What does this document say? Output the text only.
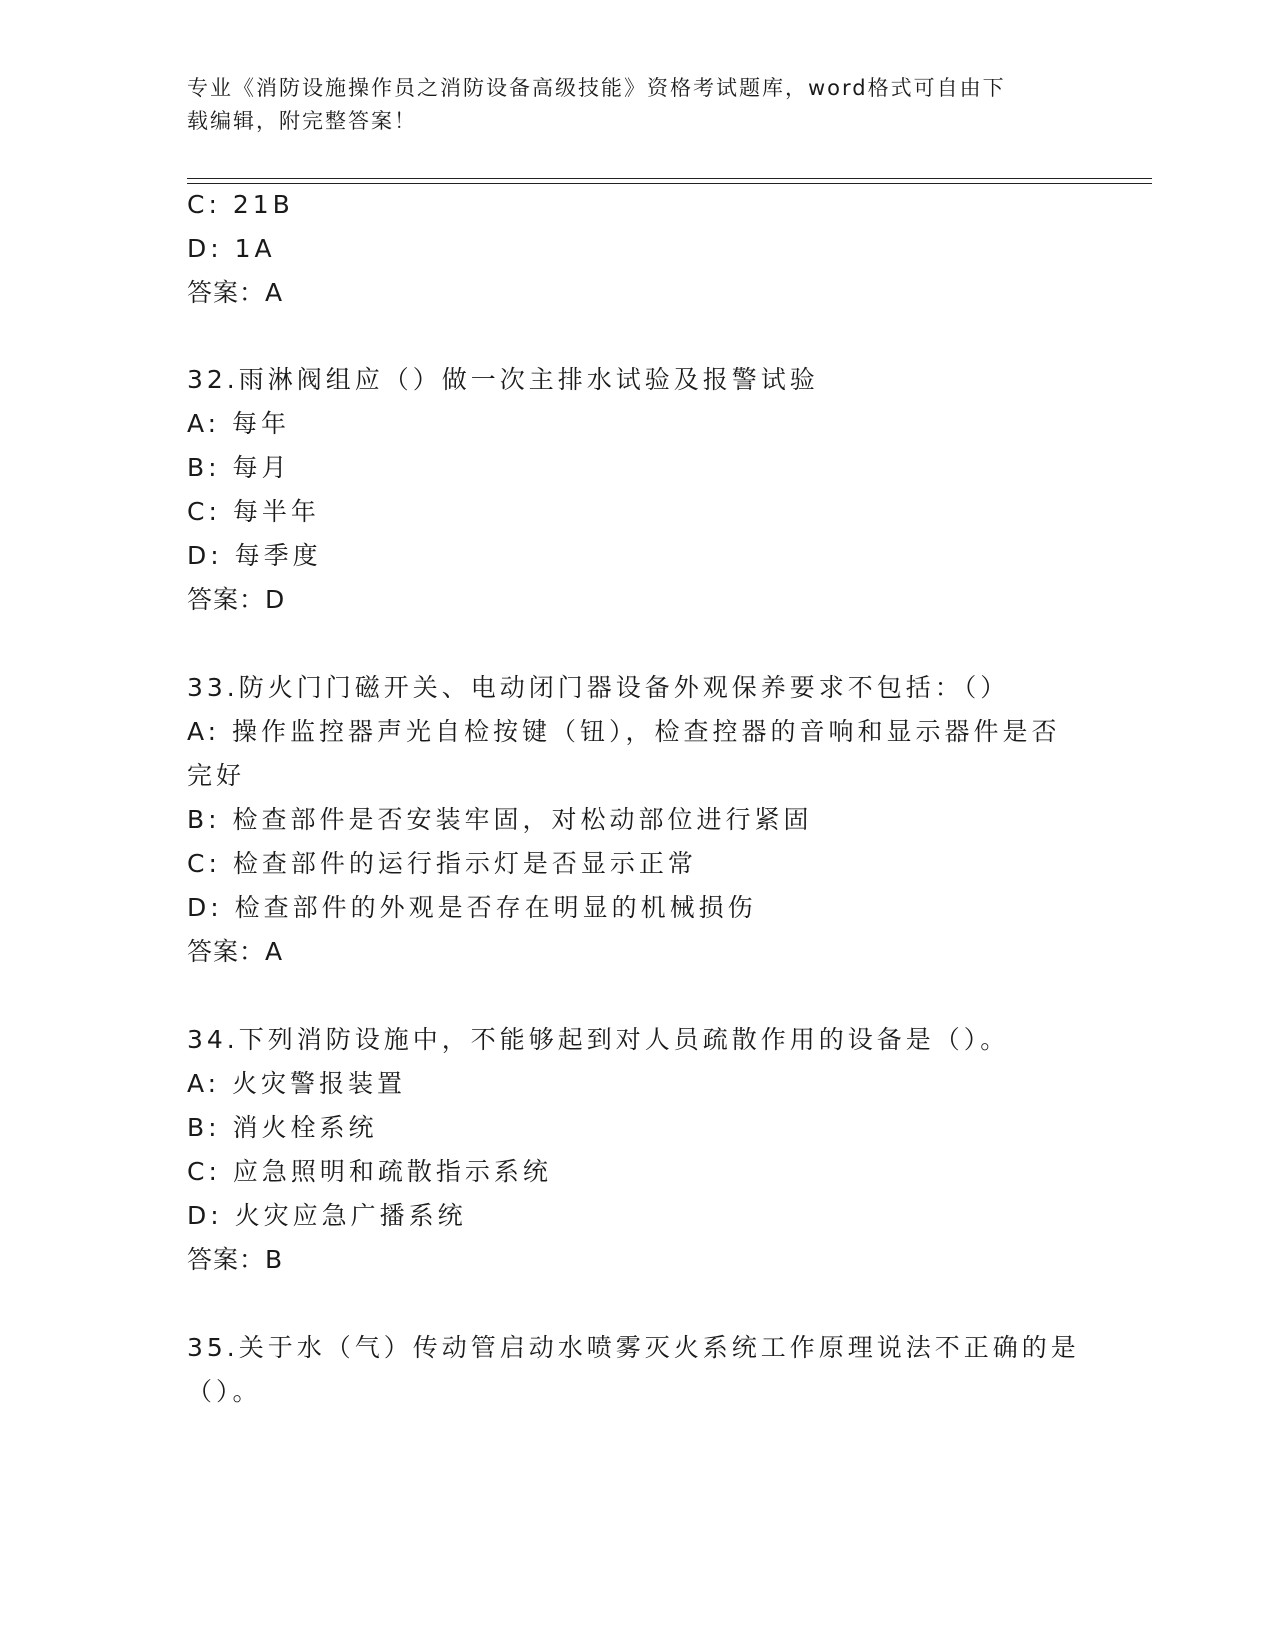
专业《消防设施操作员之消防设备高级技能》资格考试题库，word格式可自由下
载编辑，附完整答案！
C: 21B
D: 1A
答案：A
32.雨淋阀组应（）做一次主排水试验及报警试验
A: 每年
B: 每月
C: 每半年
D: 每季度
答案：D
33.防火门门磁开关、电动闭门器设备外观保养要求不包括：（）
A: 操作监控器声光自检按键（钮），检查控器的音响和显示器件是否
完好
B: 检查部件是否安装牢固，对松动部位进行紧固
C: 检查部件的运行指示灯是否显示正常
D: 检查部件的外观是否存在明显的机械损伤
答案：A
34.下列消防设施中，不能够起到对人员疏散作用的设备是（）。
A: 火灾警报装置
B: 消火栓系统
C: 应急照明和疏散指示系统
D: 火灾应急广播系统
答案：B
35.关于水（气）传动管启动水喷雾灭火系统工作原理说法不正确的是
（）。
